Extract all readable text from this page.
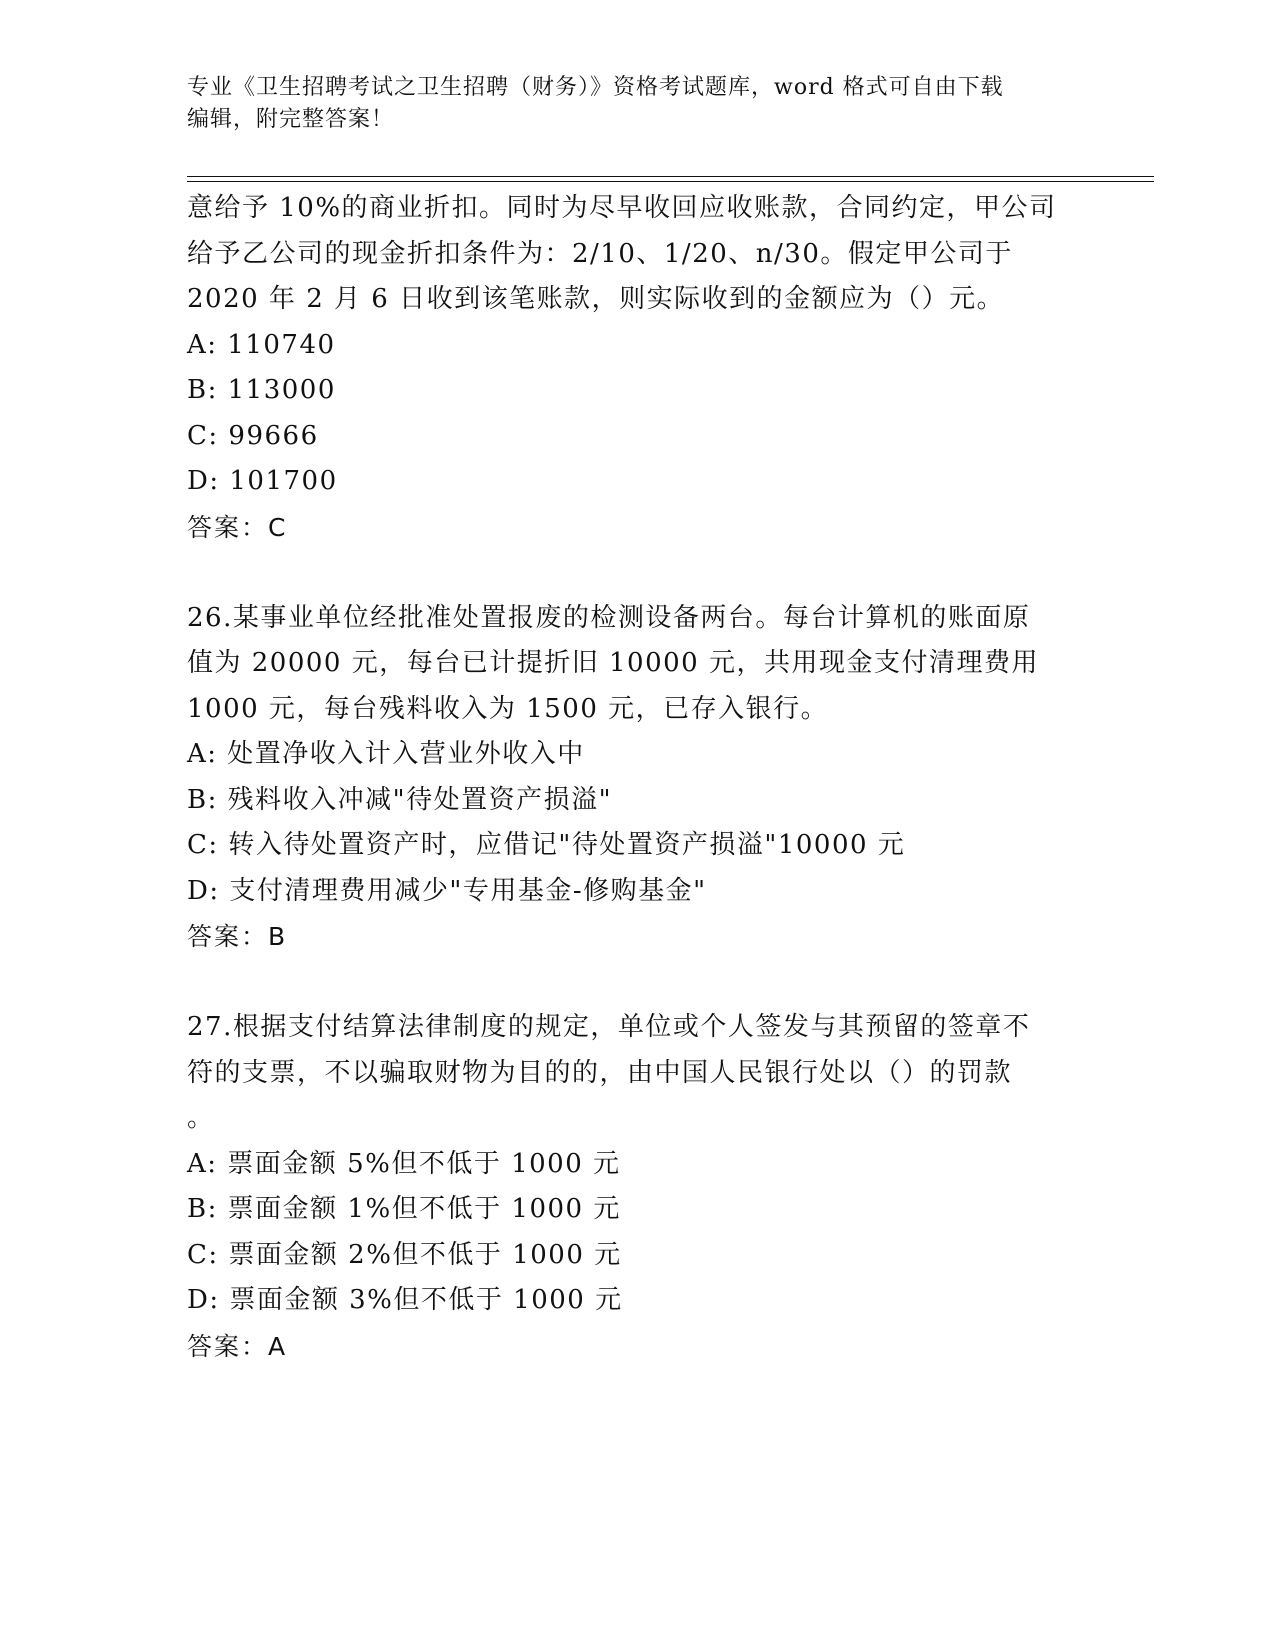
专业《卫生招聘考试之卫生招聘（财务）》资格考试题库，word 格式可自由下载
编辑，附完整答案！
意给予 10%的商业折扣。同时为尽早收回应收账款，合同约定，甲公司
给予乙公司的现金折扣条件为：2/10、1/20、n/30。假定甲公司于
2020 年 2 月 6 日收到该笔账款，则实际收到的金额应为（）元。
A: 110740
B: 113000
C: 99666
D: 101700
答案：C
26.某事业单位经批准处置报废的检测设备两台。每台计算机的账面原
值为 20000 元，每台已计提折旧 10000 元，共用现金支付清理费用
1000 元，每台残料收入为 1500 元，已存入银行。
A: 处置净收入计入营业外收入中
B: 残料收入冲减"待处置资产损溢"
C: 转入待处置资产时，应借记"待处置资产损溢"10000 元
D: 支付清理费用减少"专用基金-修购基金"
答案：B
27.根据支付结算法律制度的规定，单位或个人签发与其预留的签章不
符的支票，不以骗取财物为目的的，由中国人民银行处以（）的罚款
。
A: 票面金额 5%但不低于 1000 元
B: 票面金额 1%但不低于 1000 元
C: 票面金额 2%但不低于 1000 元
D: 票面金额 3%但不低于 1000 元
答案：A
